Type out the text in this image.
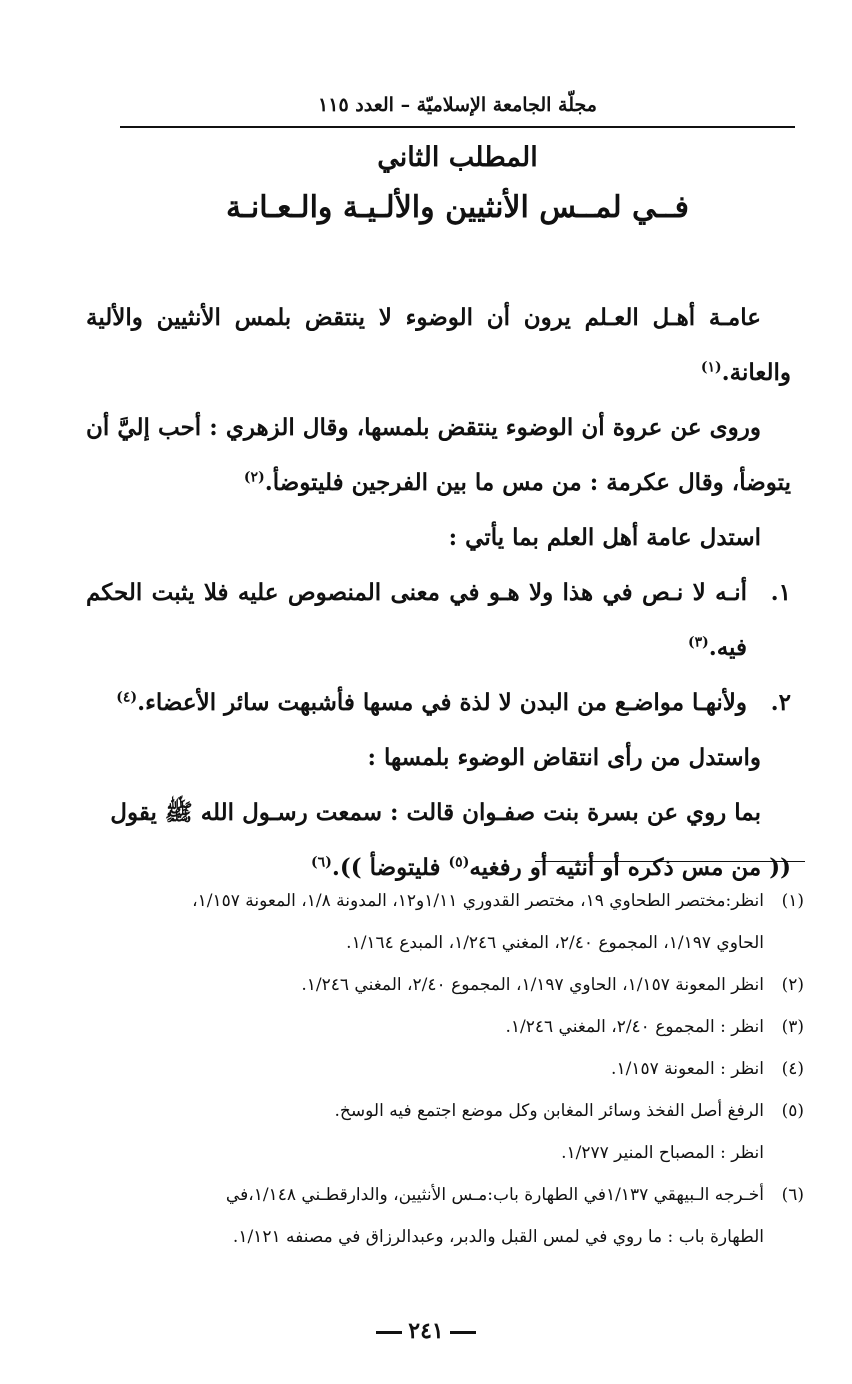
مجلّة الجامعة الإسلاميّة – العدد ١١٥
المطلب الثاني
فــي لمــس الأنثيين والألـيـة والـعـانـة

عامـة أهـل العـلم يرون أن الوضوء لا ينتقض بلمس الأنثيين والألية والعانة.$^{(١)}$

وروى عن عروة أن الوضوء ينتقض بلمسها، وقال الزهري : أحب إليَّ أن يتوضأ، وقال عكرمة : من مس ما بين الفرجين فليتوضأ.$^{(٢)}$

استدل عامة أهل العلم بما يأتي :

١.
أنـه لا نـص في هذا ولا هـو في معنى المنصوص عليه فلا يثبت الحكم فيه.$^{(٣)}$
٢.
ولأنهـا مواضـع من البدن لا لذة في مسها فأشبهت سائر الأعضاء.$^{(٤)}$

واستدل من رأى انتقاض الوضوء بلمسها :

بما روي عن بسرة بنت صفـوان قالت : سمعت رسـول الله ﷺ يقول

(( من مس ذكره أو أنثيه أو رفغيه$^{(٥)}$ فليتوضأ )).$^{(٦)}$

(١)
انظر:مختصر الطحاوي ١٩، مختصر القدوري ١/١١و١٢، المدونة ١/٨، المعونة ١/١٥٧،
الحاوي ١/١٩٧، المجموع ٢/٤٠، المغني ١/٢٤٦، المبدع ١/١٦٤.
(٢)
انظر المعونة ١/١٥٧، الحاوي ١/١٩٧، المجموع ٢/٤٠، المغني ١/٢٤٦.
(٣)
انظر : المجموع ٢/٤٠، المغني ١/٢٤٦.
(٤)
انظر : المعونة ١/١٥٧.
(٥)
الرفغ أصل الفخذ وسائر المغابن وكل موضع اجتمع فيه الوسخ.
انظر : المصباح المنير ١/٢٧٧.
(٦)
أخـرجه الـبيهقي ١/١٣٧في الطهارة باب:مـس الأنثيين، والدارقطـني ١/١٤٨،في
الطهارة باب : ما روي في لمس القبل والدبر، وعبدالرزاق في مصنفه ١/١٢١.
٢٤١
